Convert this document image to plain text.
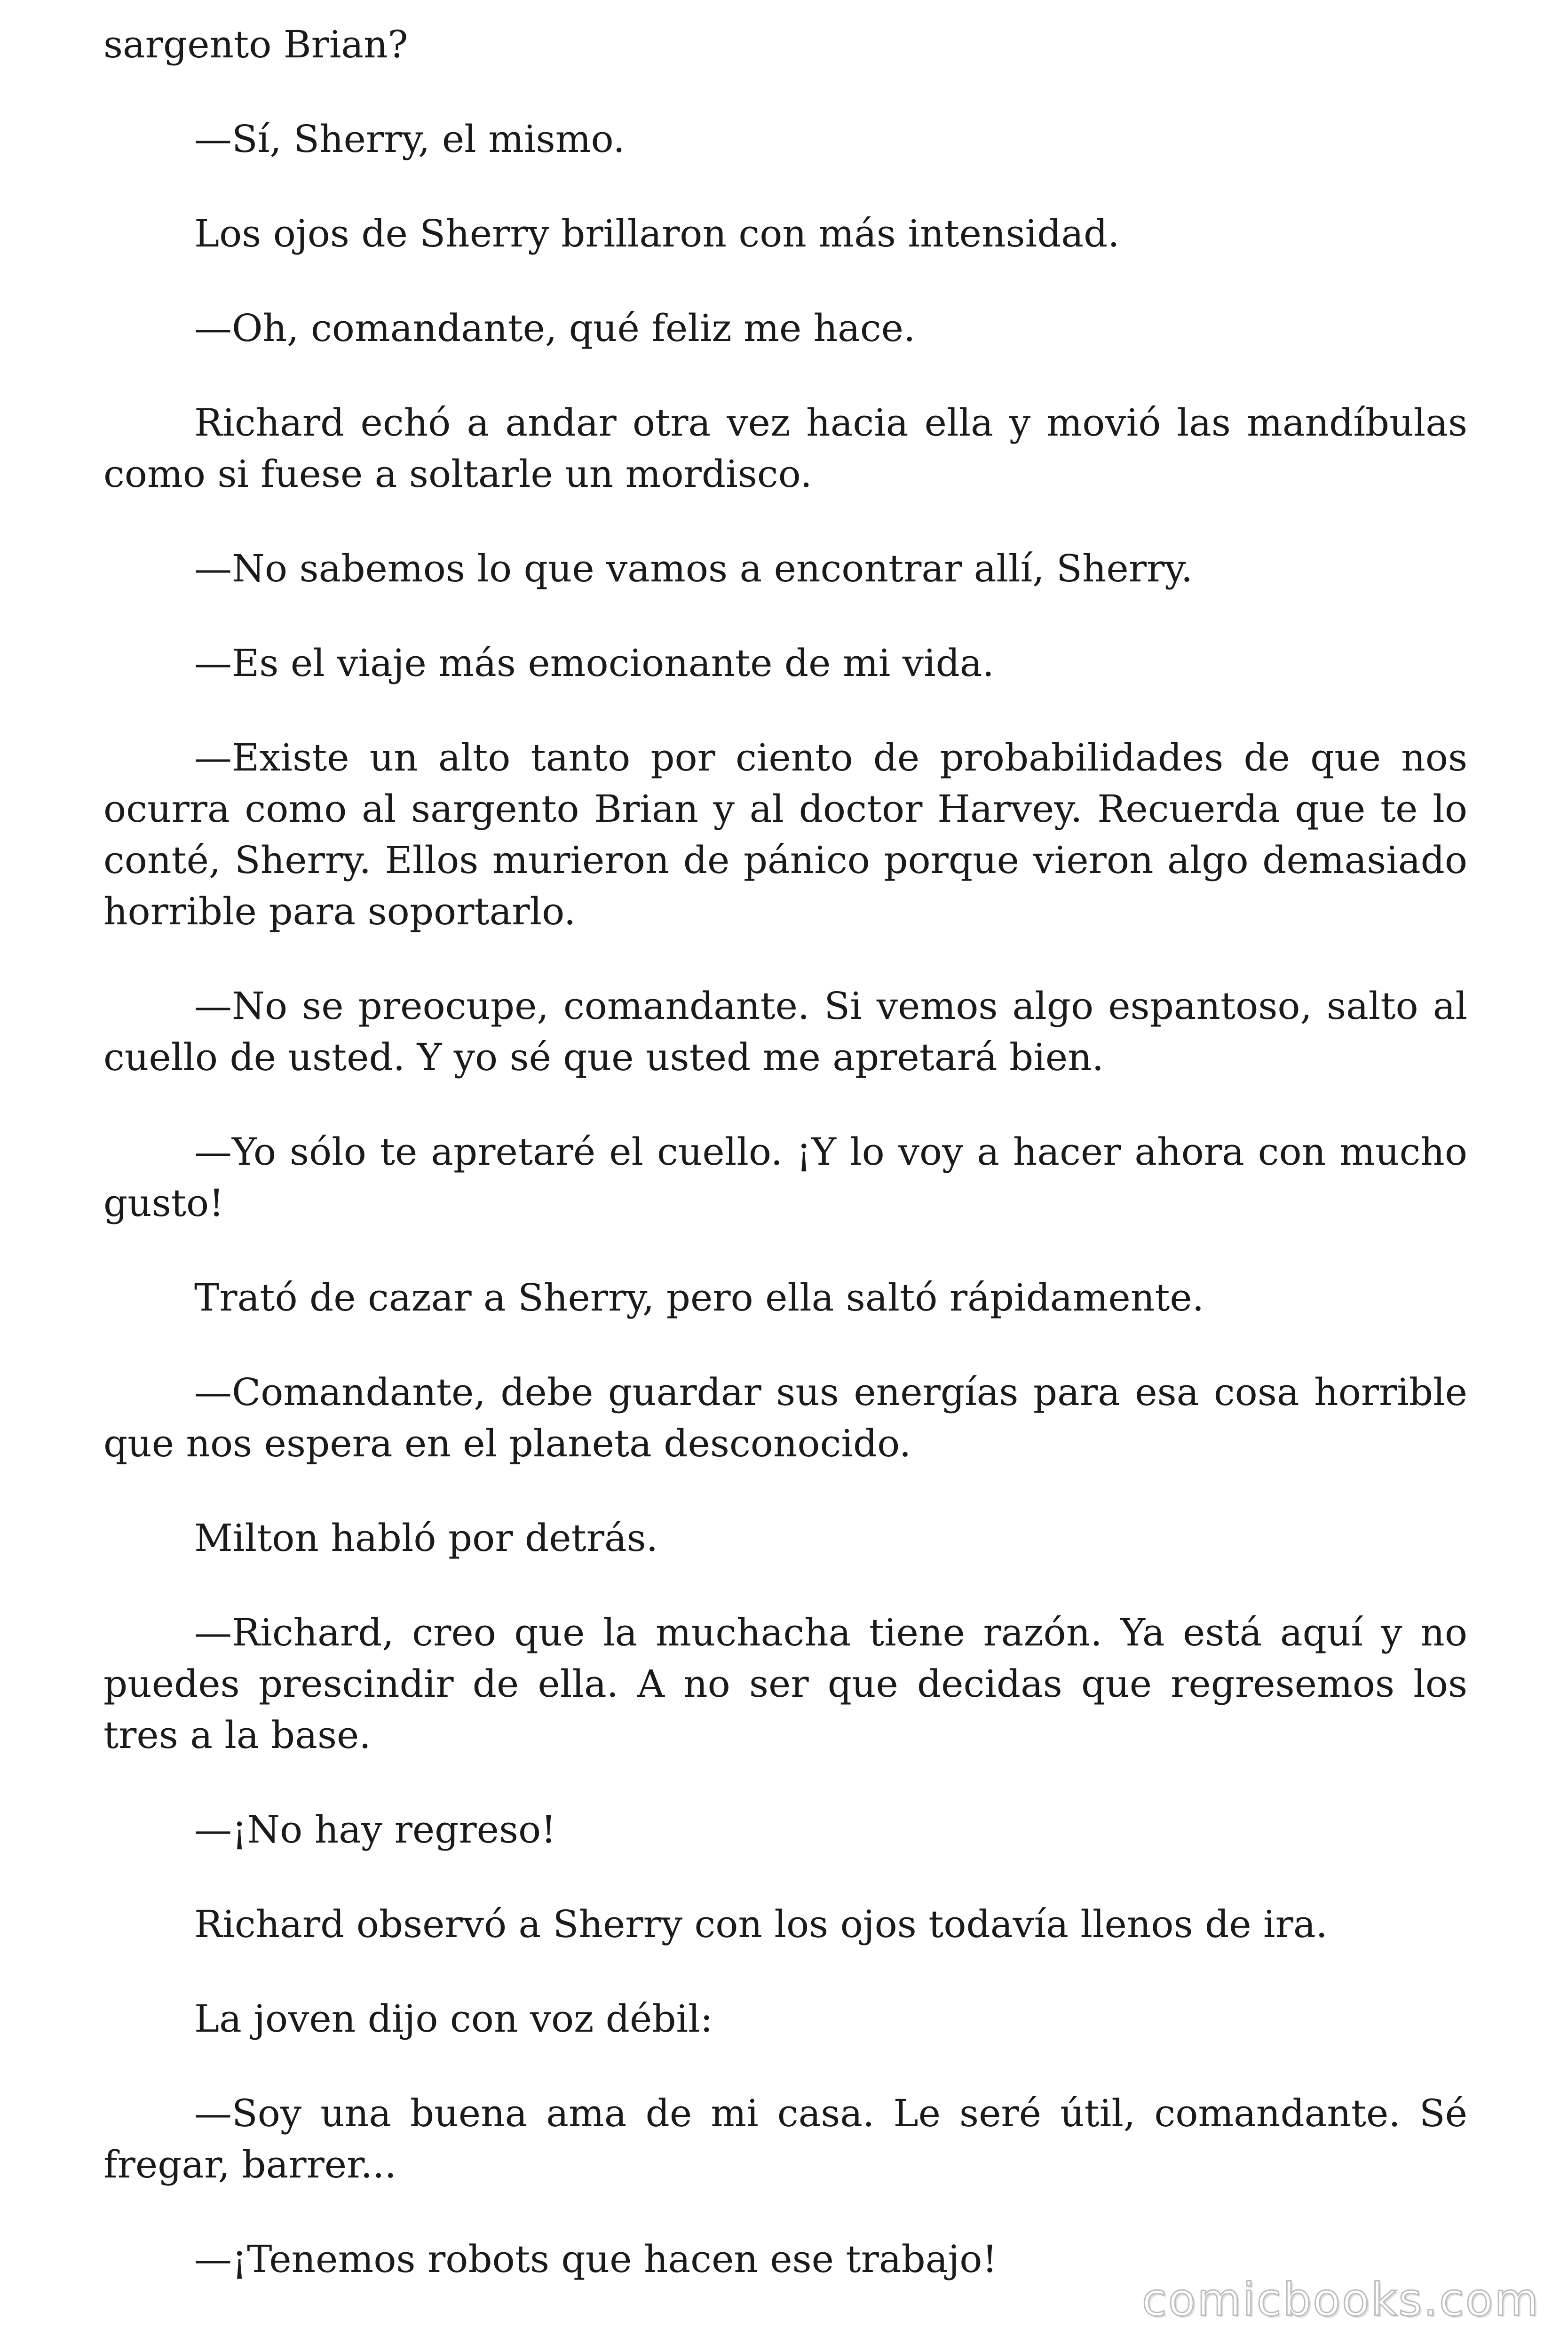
sargento Brian?

—Sí, Sherry, el mismo.

Los ojos de Sherry brillaron con más intensidad.

—Oh, comandante, qué feliz me hace.

Richard echó a andar otra vez hacia ella y movió las mandíbulas como si fuese a soltarle un mordisco.

—No sabemos lo que vamos a encontrar allí, Sherry.

—Es el viaje más emocionante de mi vida.

—Existe un alto tanto por ciento de probabilidades de que nos ocurra como al sargento Brian y al doctor Harvey. Recuerda que te lo conté, Sherry. Ellos murieron de pánico porque vieron algo demasiado horrible para soportarlo.

—No se preocupe, comandante. Si vemos algo espantoso, salto al cuello de usted. Y yo sé que usted me apretará bien.

—Yo sólo te apretaré el cuello. ¡Y lo voy a hacer ahora con mucho gusto!

Trató de cazar a Sherry, pero ella saltó rápidamente.

—Comandante, debe guardar sus energías para esa cosa horrible que nos espera en el planeta desconocido.

Milton habló por detrás.

—Richard, creo que la muchacha tiene razón. Ya está aquí y no puedes prescindir de ella. A no ser que decidas que regresemos los tres a la base.

—¡No hay regreso!

Richard observó a Sherry con los ojos todavía llenos de ira.

La joven dijo con voz débil:

—Soy una buena ama de mi casa. Le seré útil, comandante. Sé fregar, barrer...

—¡Tenemos robots que hacen ese trabajo!

comicbooks.com
